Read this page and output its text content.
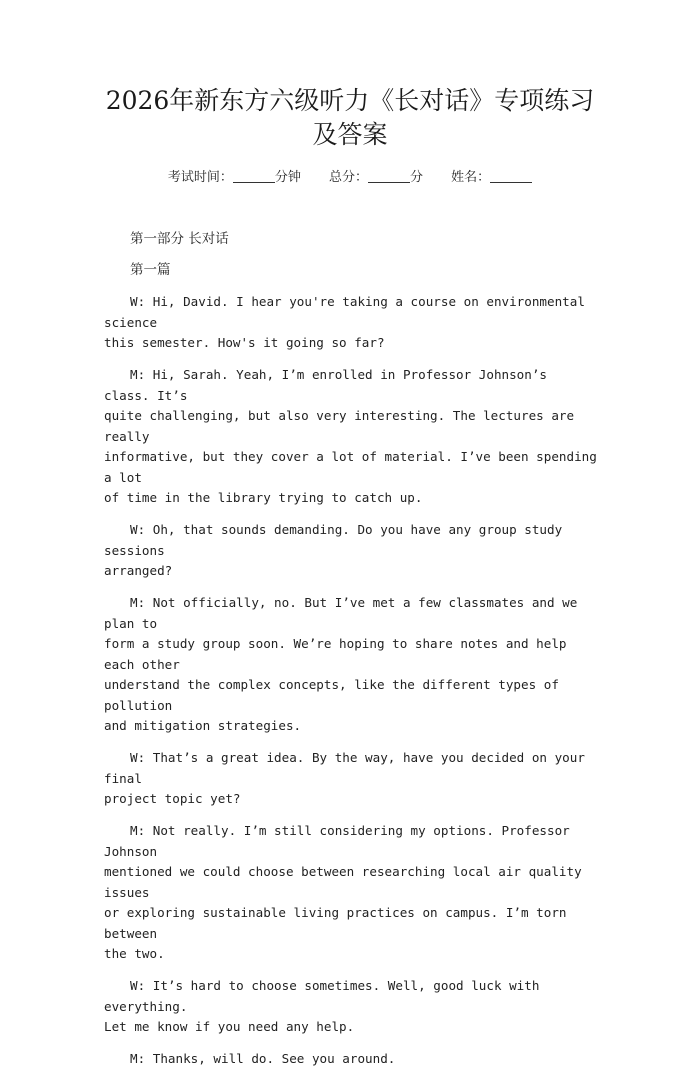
2026年新东方六级听力《长对话》专项练习
及答案
考试时间：	分钟 总分：	分 姓名：
第一部分 长对话
第一篇

W: Hi, David. I hear you're taking a course on environmental science
this semester. How's it going so far?

M: Hi, Sarah. Yeah, I’m enrolled in Professor Johnson’s class. It’s
quite challenging, but also very interesting. The lectures are really
informative, but they cover a lot of material. I’ve been spending a lot
of time in the library trying to catch up.

W: Oh, that sounds demanding. Do you have any group study sessions
arranged?

M: Not officially, no. But I’ve met a few classmates and we plan to
form a study group soon. We’re hoping to share notes and help each other
understand the complex concepts, like the different types of pollution
and mitigation strategies.

W: That’s a great idea. By the way, have you decided on your final
project topic yet?

M: Not really. I’m still considering my options. Professor Johnson
mentioned we could choose between researching local air quality issues
or exploring sustainable living practices on campus. I’m torn between
the two.

W: It’s hard to choose sometimes. Well, good luck with everything.
Let me know if you need any help.

M: Thanks, will do. See you around.
